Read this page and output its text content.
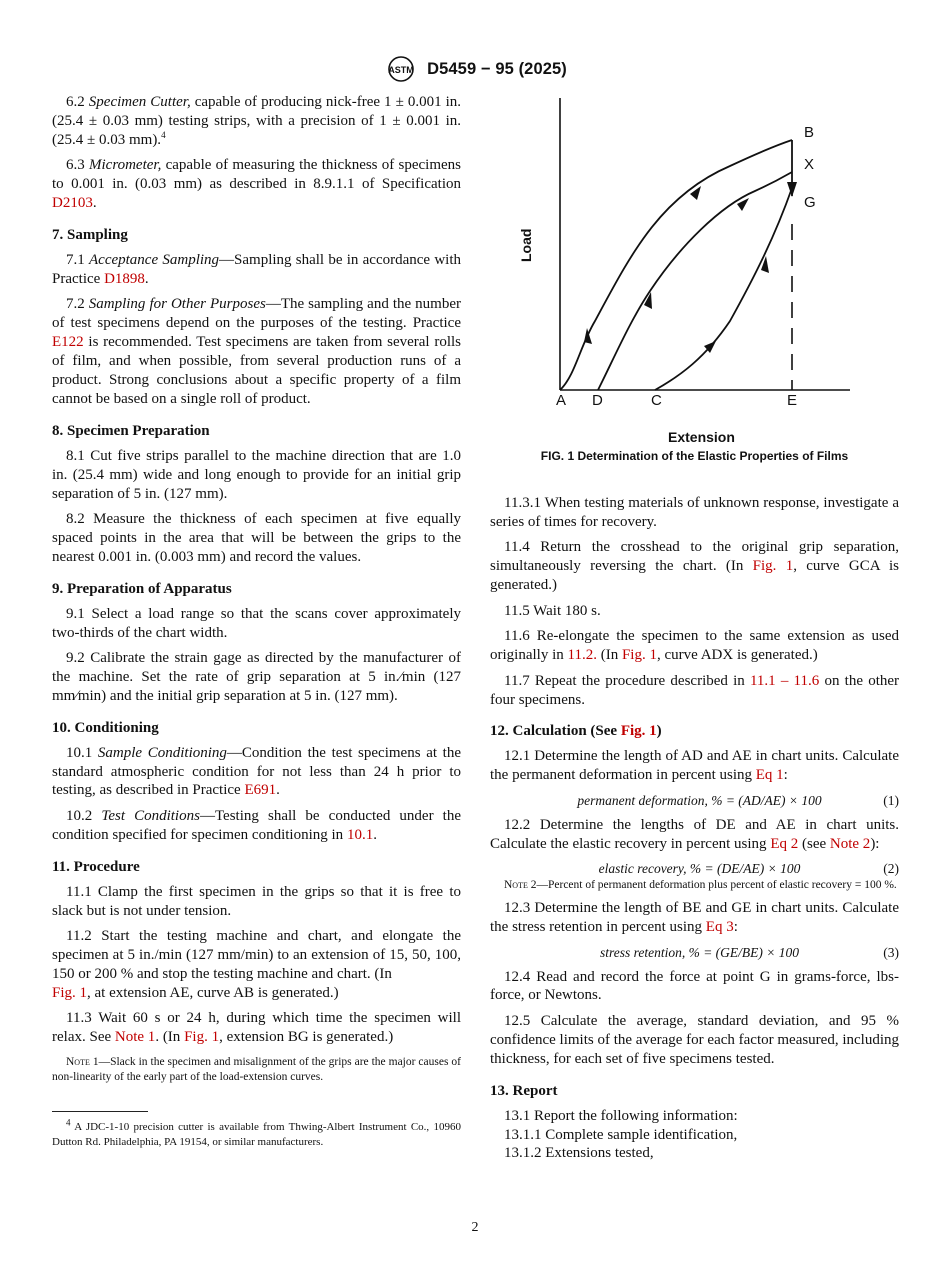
ASTM D5459 − 95 (2025)

6.2 Specimen Cutter, capable of producing nick-free 1 ± 0.001 in. (25.4 ± 0.03 mm) testing strips, with a precision of 1 ± 0.001 in. (25.4 ± 0.03 mm).$^4$

6.3 Micrometer, capable of measuring the thickness of specimens to 0.001 in. (0.03 mm) as described in 8.9.1.1 of Specification D2103.

7. Sampling

7.1 Acceptance Sampling—Sampling shall be in accordance with Practice D1898.

7.2 Sampling for Other Purposes—The sampling and the number of test specimens depend on the purposes of the testing. Practice E122 is recommended. Test specimens are taken from several rolls of film, and when possible, from several production runs of a product. Strong conclusions about a specific property of a film cannot be based on a single roll of product.

8. Specimen Preparation

8.1 Cut five strips parallel to the machine direction that are 1.0 in. (25.4 mm) wide and long enough to provide for an initial grip separation of 5 in. (127 mm).

8.2 Measure the thickness of each specimen at five equally spaced points in the area that will be between the grips to the nearest 0.001 in. (0.003 mm) and record the values.

9. Preparation of Apparatus

9.1 Select a load range so that the scans cover approximately two-thirds of the chart width.

9.2 Calibrate the strain gage as directed by the manufacturer of the machine. Set the rate of grip separation at 5 in.⁄min (127 mm⁄min) and the initial grip separation at 5 in. (127 mm).

10. Conditioning

10.1 Sample Conditioning—Condition the test specimens at the standard atmospheric condition for not less than 24 h prior to testing, as described in Practice E691.

10.2 Test Conditions—Testing shall be conducted under the condition specified for specimen conditioning in 10.1.

11. Procedure

11.1 Clamp the first specimen in the grips so that it is free to slack but is not under tension.

11.2 Start the testing machine and chart, and elongate the specimen at 5 in./min (127 mm/min) to an extension of 15, 50, 100, 150 or 200 % and stop the testing machine and chart. (In
Fig. 1, at extension AE, curve AB is generated.)

11.3 Wait 60 s or 24 h, during which time the specimen will relax. See Note 1. (In Fig. 1, extension BG is generated.)

Note 1—Slack in the specimen and misalignment of the grips are the major causes of non-linearity of the early part of the load-extension curves.
$^4$ A JDC-1-10 precision cutter is available from Thwing-Albert Instrument Co., 10960 Dutton Rd. Philadelphia, PA 19154, or similar manufacturers.
B
X
G
A D	C	E
Load
Extension
FIG. 1 Determination of the Elastic Properties of Films

11.3.1 When testing materials of unknown response, investigate a series of times for recovery.

11.4 Return the crosshead to the original grip separation, simultaneously reversing the chart. (In Fig. 1, curve GCA is generated.)

11.5 Wait 180 s.

11.6 Re-elongate the specimen to the same extension as used originally in 11.2. (In Fig. 1, curve ADX is generated.)

11.7 Repeat the procedure described in 11.1 – 11.6 on the other four specimens.

12. Calculation (See Fig. 1)

12.1 Determine the length of AD and AE in chart units. Calculate the permanent deformation in percent using Eq 1:

permanent deformation, % = (AD/AE) × 100	(1)

12.2 Determine the lengths of DE and AE in chart units. Calculate the elastic recovery in percent using Eq 2 (see Note 2):

elastic recovery, % = (DE/AE) × 100	(2)
Note 2—Percent of permanent deformation plus percent of elastic recovery = 100 %.

12.3 Determine the length of BE and GE in chart units. Calculate the stress retention in percent using Eq 3:

stress retention, % = (GE/BE) × 100	(3)

12.4 Read and record the force at point G in grams-force, lbs-force, or Newtons.

12.5 Calculate the average, standard deviation, and 95 % confidence limits of the average for each factor measured, including thickness, for each set of five specimens tested.

13. Report
13.1 Report the following information:
13.1.1 Complete sample identification,
13.1.2 Extensions tested,
2
